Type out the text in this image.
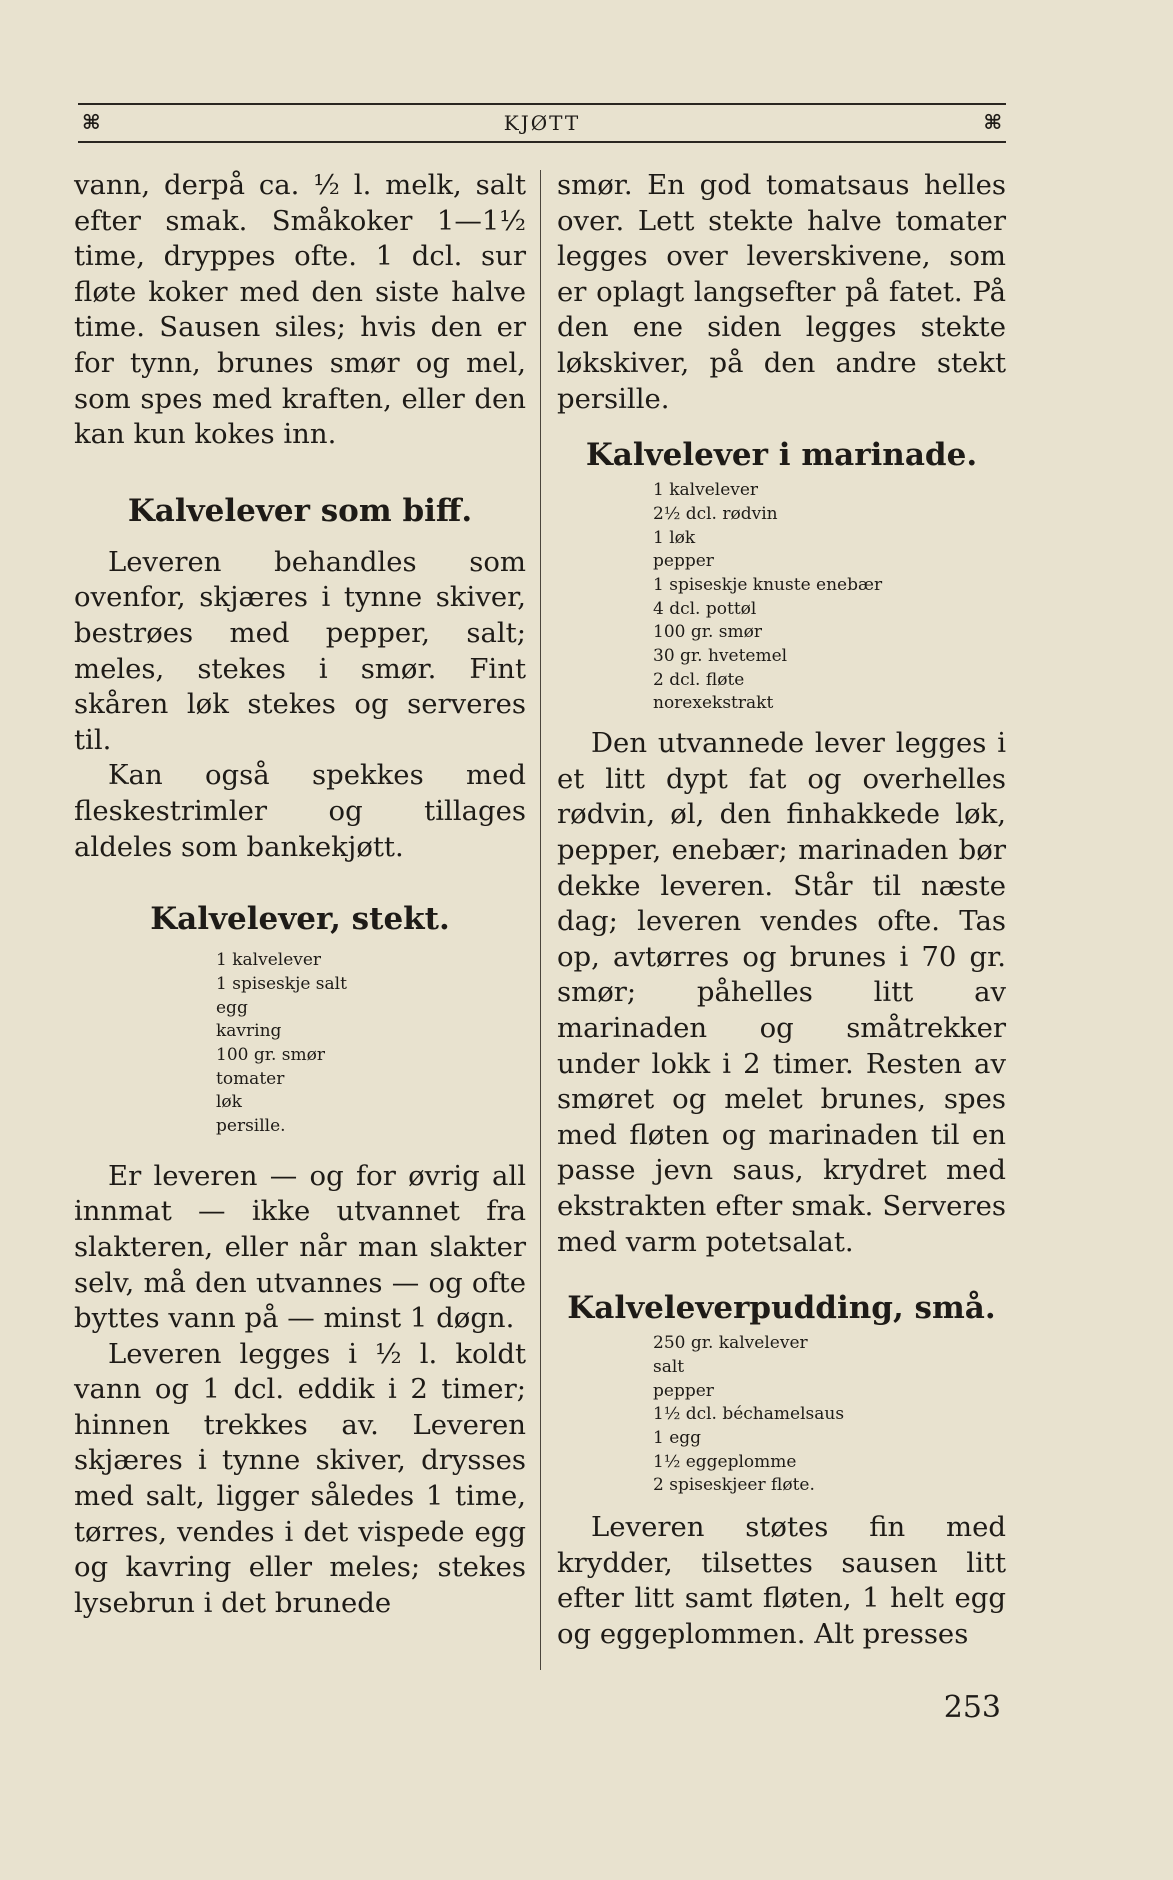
⌘	KJØTT	⌘

vann, derpå ca. ½ l. melk, salt efter smak. Småkoker 1—1½ time, dryppes ofte. 1 dcl. sur fløte koker med den siste halve time. Sausen siles; hvis den er for tynn, brunes smør og mel, som spes med kraften, eller den kan kun kokes inn.

Kalvelever som biff.

Leveren behandles som ovenfor, skjæres i tynne skiver, bestrøes med pepper, salt; meles, stekes i smør. Fint skåren løk stekes og serveres til.

Kan også spekkes med fleskestrimler og tillages aldeles som bankekjøtt.

Kalvelever, stekt.

1 kalvelever
1 spiseskje salt
egg
kavring
100 gr. smør
tomater
løk
persille.

Er leveren — og for øvrig all innmat — ikke utvannet fra slakteren, eller når man slakter selv, må den utvannes — og ofte byttes vann på — minst 1 døgn.

Leveren legges i ½ l. koldt vann og 1 dcl. eddik i 2 timer; hinnen trekkes av. Leveren skjæres i tynne skiver, drysses med salt, ligger således 1 time, tørres, vendes i det vispede egg og kavring eller meles; stekes lysebrun i det brunede

smør. En god tomatsaus helles over. Lett stekte halve tomater legges over leverskivene, som er oplagt langsefter på fatet. På den ene siden legges stekte løkskiver, på den andre stekt persille.

Kalvelever i marinade.

1 kalvelever
2½ dcl. rødvin
1 løk
pepper
1 spiseskje knuste enebær
4 dcl. pottøl
100 gr. smør
30 gr. hvetemel
2 dcl. fløte
norexekstrakt

Den utvannede lever legges i et litt dypt fat og overhelles rødvin, øl, den finhakkede løk, pepper, enebær; marinaden bør dekke leveren. Står til næste dag; leveren vendes ofte. Tas op, avtørres og brunes i 70 gr. smør; påhelles litt av marinaden og småtrekker under lokk i 2 timer. Resten av smøret og melet brunes, spes med fløten og marinaden til en passe jevn saus, krydret med ekstrakten efter smak. Serveres med varm potetsalat.

Kalveleverpudding, små.

250 gr. kalvelever
salt
pepper
1½ dcl. béchamelsaus
1 egg
1½ eggeplomme
2 spiseskjeer fløte.

Leveren støtes fin med krydder, tilsettes sausen litt efter litt samt fløten, 1 helt egg og eggeplommen. Alt presses

253
